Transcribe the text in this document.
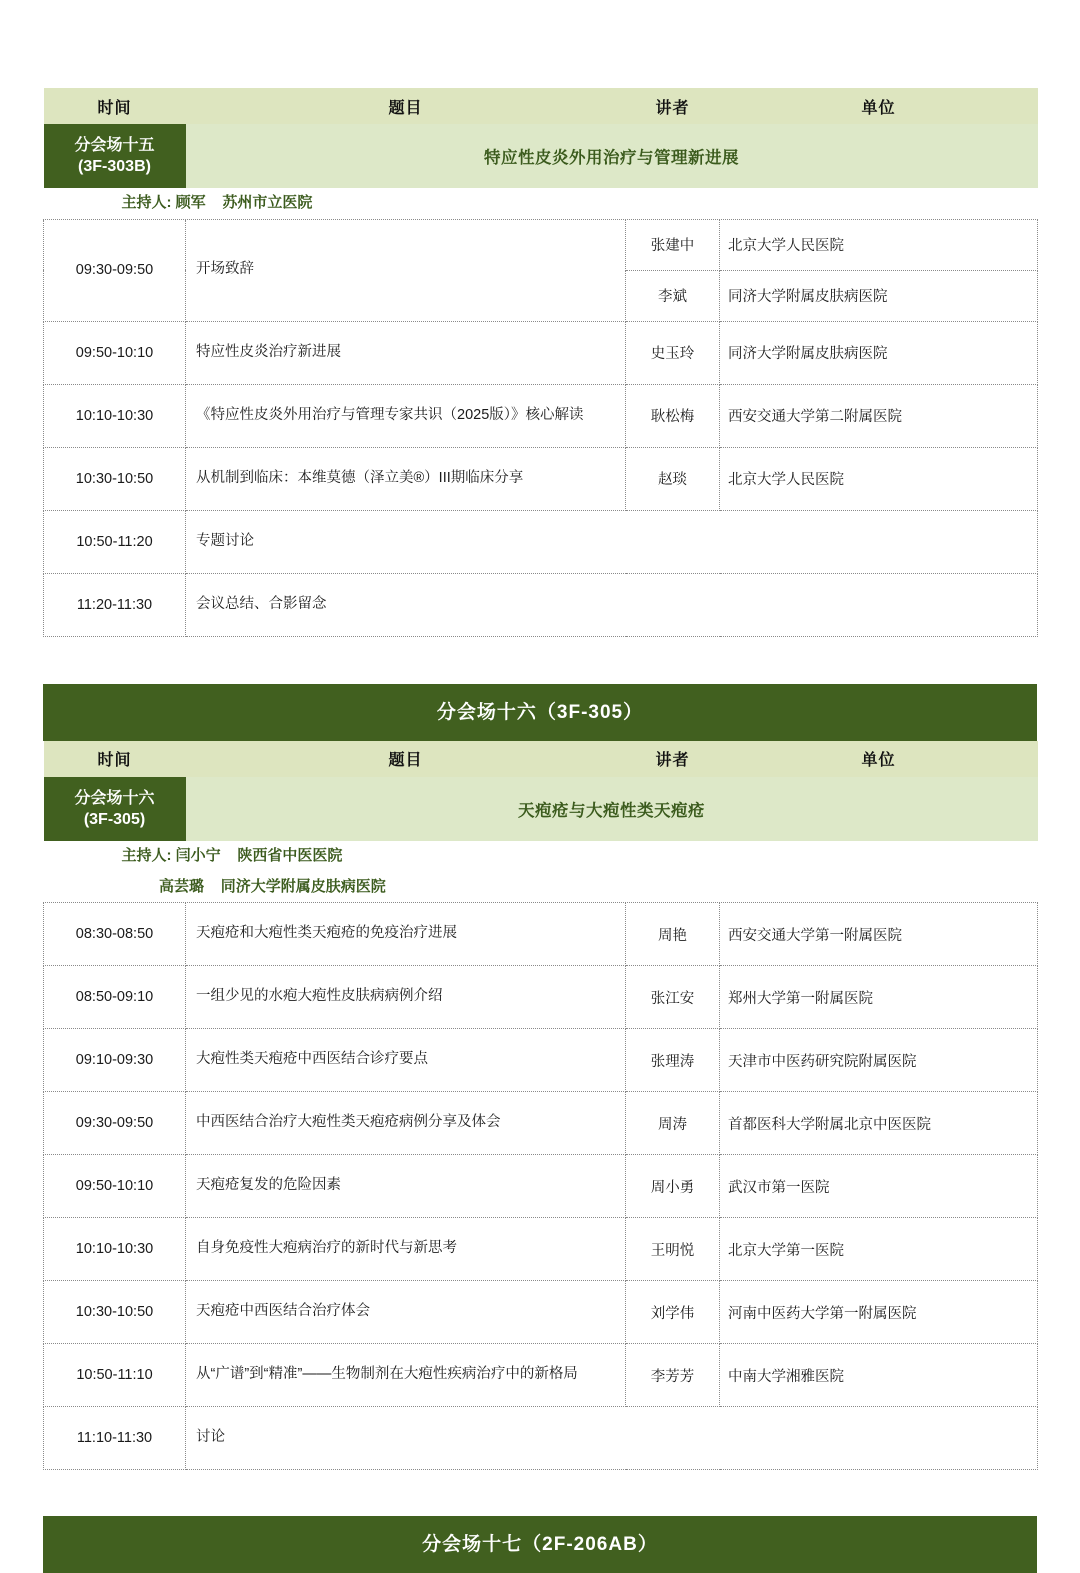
时间	题目	讲者	单位

分会场十五
(3F-303B)	特应性皮炎外用治疗与管理新进展		

主持人: 顾军 苏州市立医院			

09:30-09:50	开场致辞	张建中	北京大学人民医院
		李斌	同济大学附属皮肤病医院
09:50-10:10	特应性皮炎治疗新进展	史玉玲	同济大学附属皮肤病医院
10:10-10:30	《特应性皮炎外用治疗与管理专家共识（2025版）》核心解读	耿松梅	西安交通大学第二附属医院
10:30-10:50	从机制到临床：本维莫德（泽立美®）III期临床分享	赵琰	北京大学人民医院
10:50-11:20	专题讨论		
11:20-11:30	会议总结、合影留念		
分会场十六（3F-305）
时间	题目	讲者	单位

分会场十六
(3F-305)	天疱疮与大疱性类天疱疮		

主持人: 闫小宁 陕西省中医医院
高芸璐 同济大学附属皮肤病医院			

08:30-08:50	天疱疮和大疱性类天疱疮的免疫治疗进展	周艳	西安交通大学第一附属医院
08:50-09:10	一组少见的水疱大疱性皮肤病病例介绍	张江安	郑州大学第一附属医院
09:10-09:30	大疱性类天疱疮中西医结合诊疗要点	张理涛	天津市中医药研究院附属医院
09:30-09:50	中西医结合治疗大疱性类天疱疮病例分享及体会	周涛	首都医科大学附属北京中医医院
09:50-10:10	天疱疮复发的危险因素	周小勇	武汉市第一医院
10:10-10:30	自身免疫性大疱病治疗的新时代与新思考	王明悦	北京大学第一医院
10:30-10:50	天疱疮中西医结合治疗体会	刘学伟	河南中医药大学第一附属医院
10:50-11:10	从“广谱”到“精准”——生物制剂在大疱性疾病治疗中的新格局	李芳芳	中南大学湘雅医院
11:10-11:30	讨论		
分会场十七（2F-206AB）
